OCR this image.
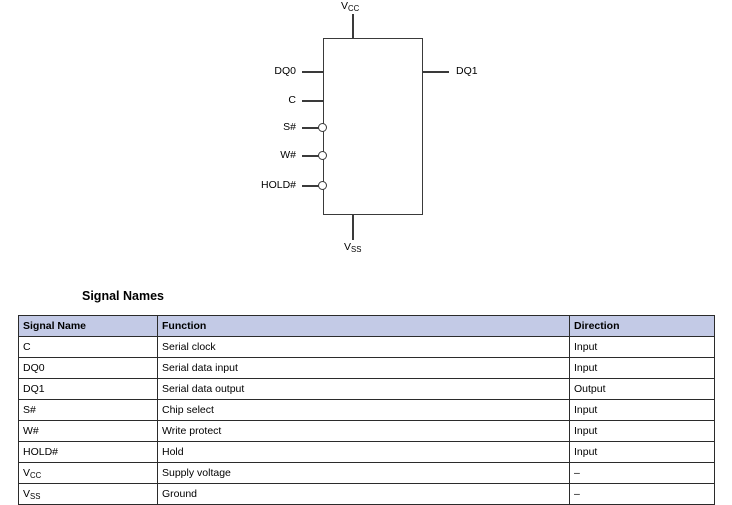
VCC
VSS
DQ0
C
S#
W#
HOLD#
DQ1
Signal Names
Signal Name	Function	Direction
C	Serial clock	Input
DQ0	Serial data input	Input
DQ1	Serial data output	Output
S#	Chip select	Input
W#	Write protect	Input
HOLD#	Hold	Input
VCC	Supply voltage	–
VSS	Ground	–
